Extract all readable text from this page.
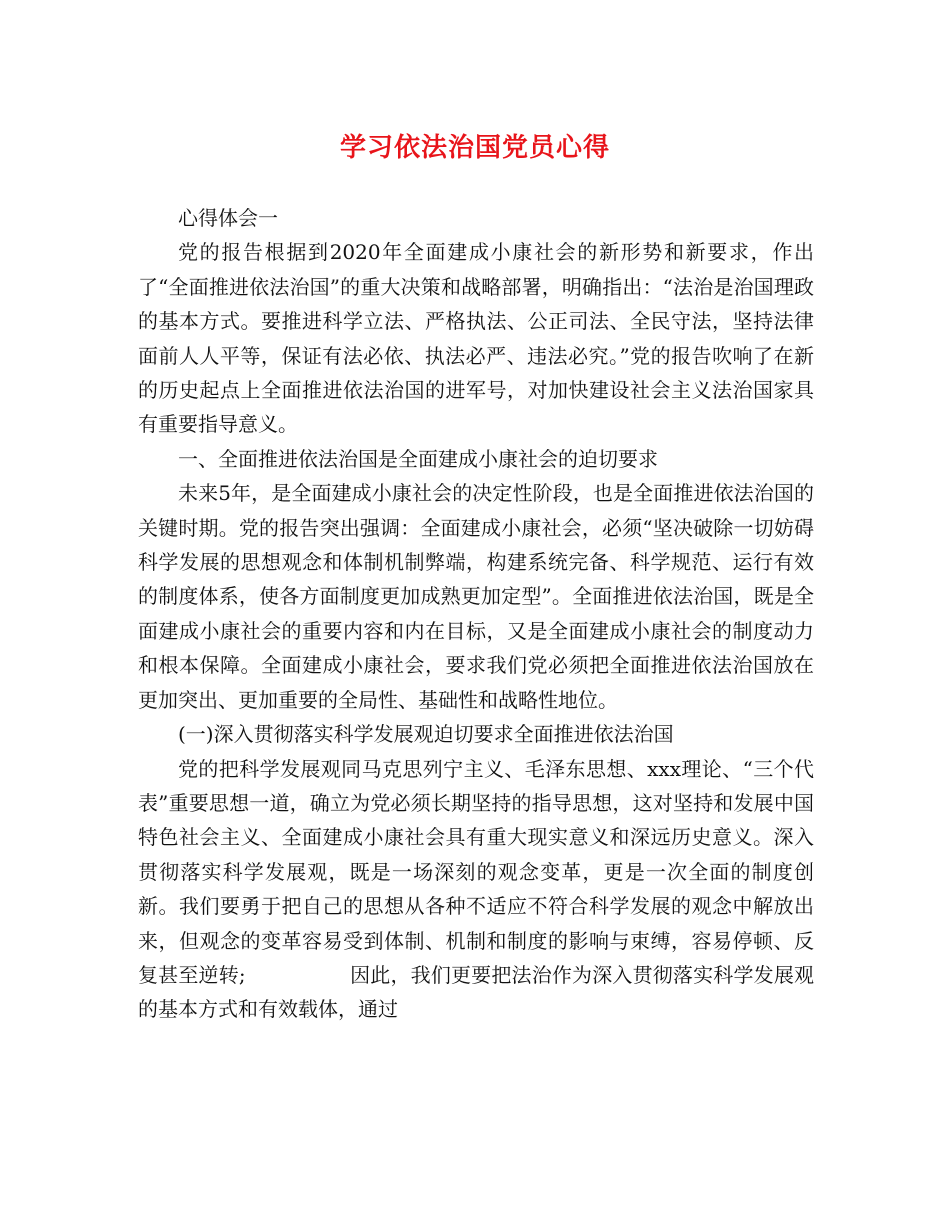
学习依法治国党员心得

心得体会一

党的报告根据到2020年全面建成小康社会的新形势和新要求，作出了“全面推进依法治国”的重大决策和战略部署，明确指出：“法治是治国理政的基本方式。要推进科学立法、严格执法、公正司法、全民守法，坚持法律面前人人平等，保证有法必依、执法必严、违法必究。”党的报告吹响了在新的历史起点上全面推进依法治国的进军号，对加快建设社会主义法治国家具有重要指导意义。

一、全面推进依法治国是全面建成小康社会的迫切要求

未来5年，是全面建成小康社会的决定性阶段，也是全面推进依法治国的关键时期。党的报告突出强调：全面建成小康社会，必须“坚决破除一切妨碍科学发展的思想观念和体制机制弊端，构建系统完备、科学规范、运行有效的制度体系，使各方面制度更加成熟更加定型”。全面推进依法治国，既是全面建成小康社会的重要内容和内在目标，又是全面建成小康社会的制度动力和根本保障。全面建成小康社会，要求我们党必须把全面推进依法治国放在更加突出、更加重要的全局性、基础性和战略性地位。

(一)深入贯彻落实科学发展观迫切要求全面推进依法治国

党的把科学发展观同马克思列宁主义、毛泽东思想、xxx理论、“三个代表”重要思想一道，确立为党必须长期坚持的指导思想，这对坚持和发展中国特色社会主义、全面建成小康社会具有重大现实意义和深远历史意义。深入贯彻落实科学发展观，既是一场深刻的观念变革，更是一次全面的制度创新。我们要勇于把自己的思想从各种不适应不符合科学发展的观念中解放出来，但观念的变革容易受到体制、机制和制度的影响与束缚，容易停顿、反复甚至逆转;                因此，我们更要把法治作为深入贯彻落实科学发展观的基本方式和有效载体，通过
